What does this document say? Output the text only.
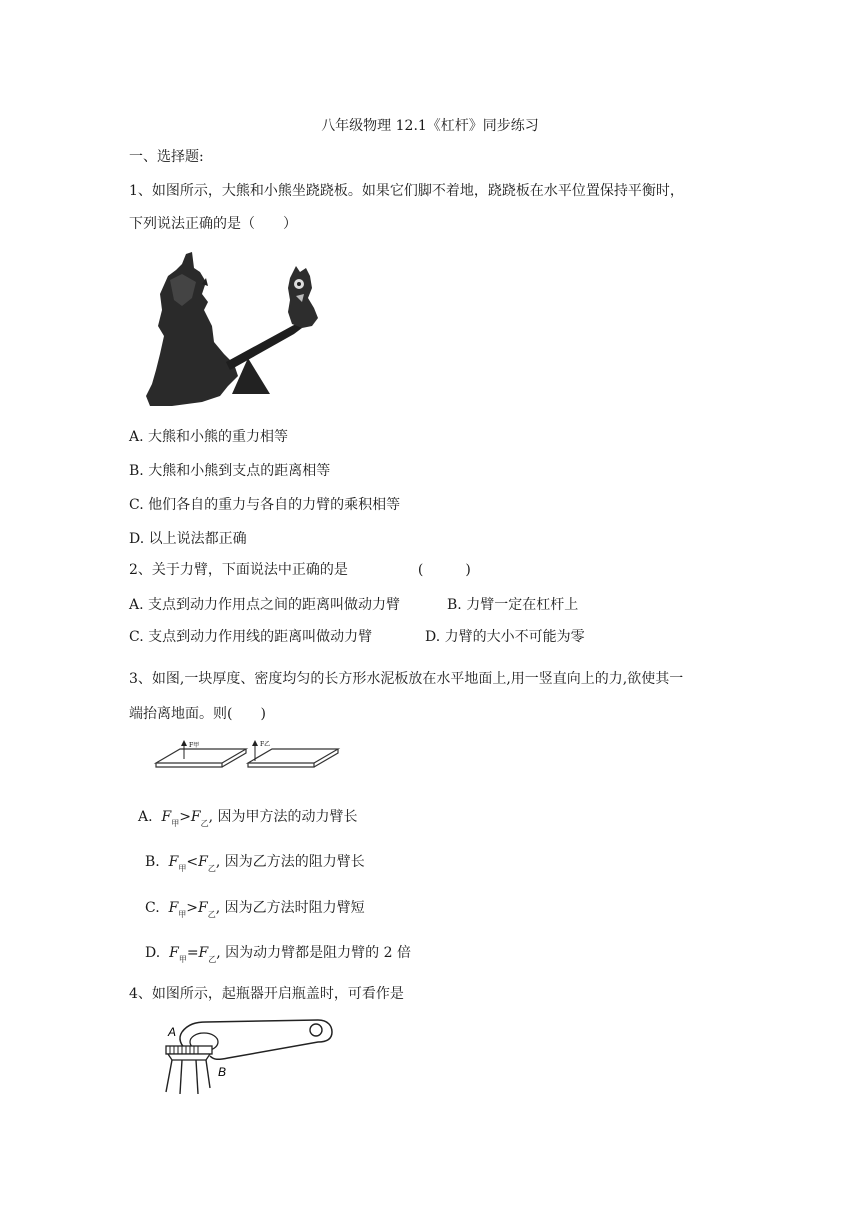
八年级物理 12.1《杠杆》同步练习
一、选择题:
1、如图所示，大熊和小熊坐跷跷板。如果它们脚不着地，跷跷板在水平位置保持平衡时，
下列说法正确的是（　　）
A. 大熊和小熊的重力相等
B. 大熊和小熊到支点的距离相等
C. 他们各自的重力与各自的力臂的乘积相等
D. 以上说法都正确
2、关于力臂，下面说法中正确的是　　　　　(　　　)
A. 支点到动力作用点之间的距离叫做动力臂	B. 力臂一定在杠杆上
C. 支点到动力作用线的距离叫做动力臂	D. 力臂的大小不可能为零
3、如图,一块厚度、密度均匀的长方形水泥板放在水平地面上,用一竖直向上的力,欲使其一
端抬离地面。则(　　)
F甲	F乙
A. $F_甲>F_乙$, 因为甲方法的动力臂长
B. $F_甲<F_乙$, 因为乙方法的阻力臂长
C. $F_甲>F_乙$, 因为乙方法时阻力臂短
D. $F_甲=F_乙$, 因为动力臂都是阻力臂的 2 倍
4、如图所示，起瓶器开启瓶盖时，可看作是
A
B
